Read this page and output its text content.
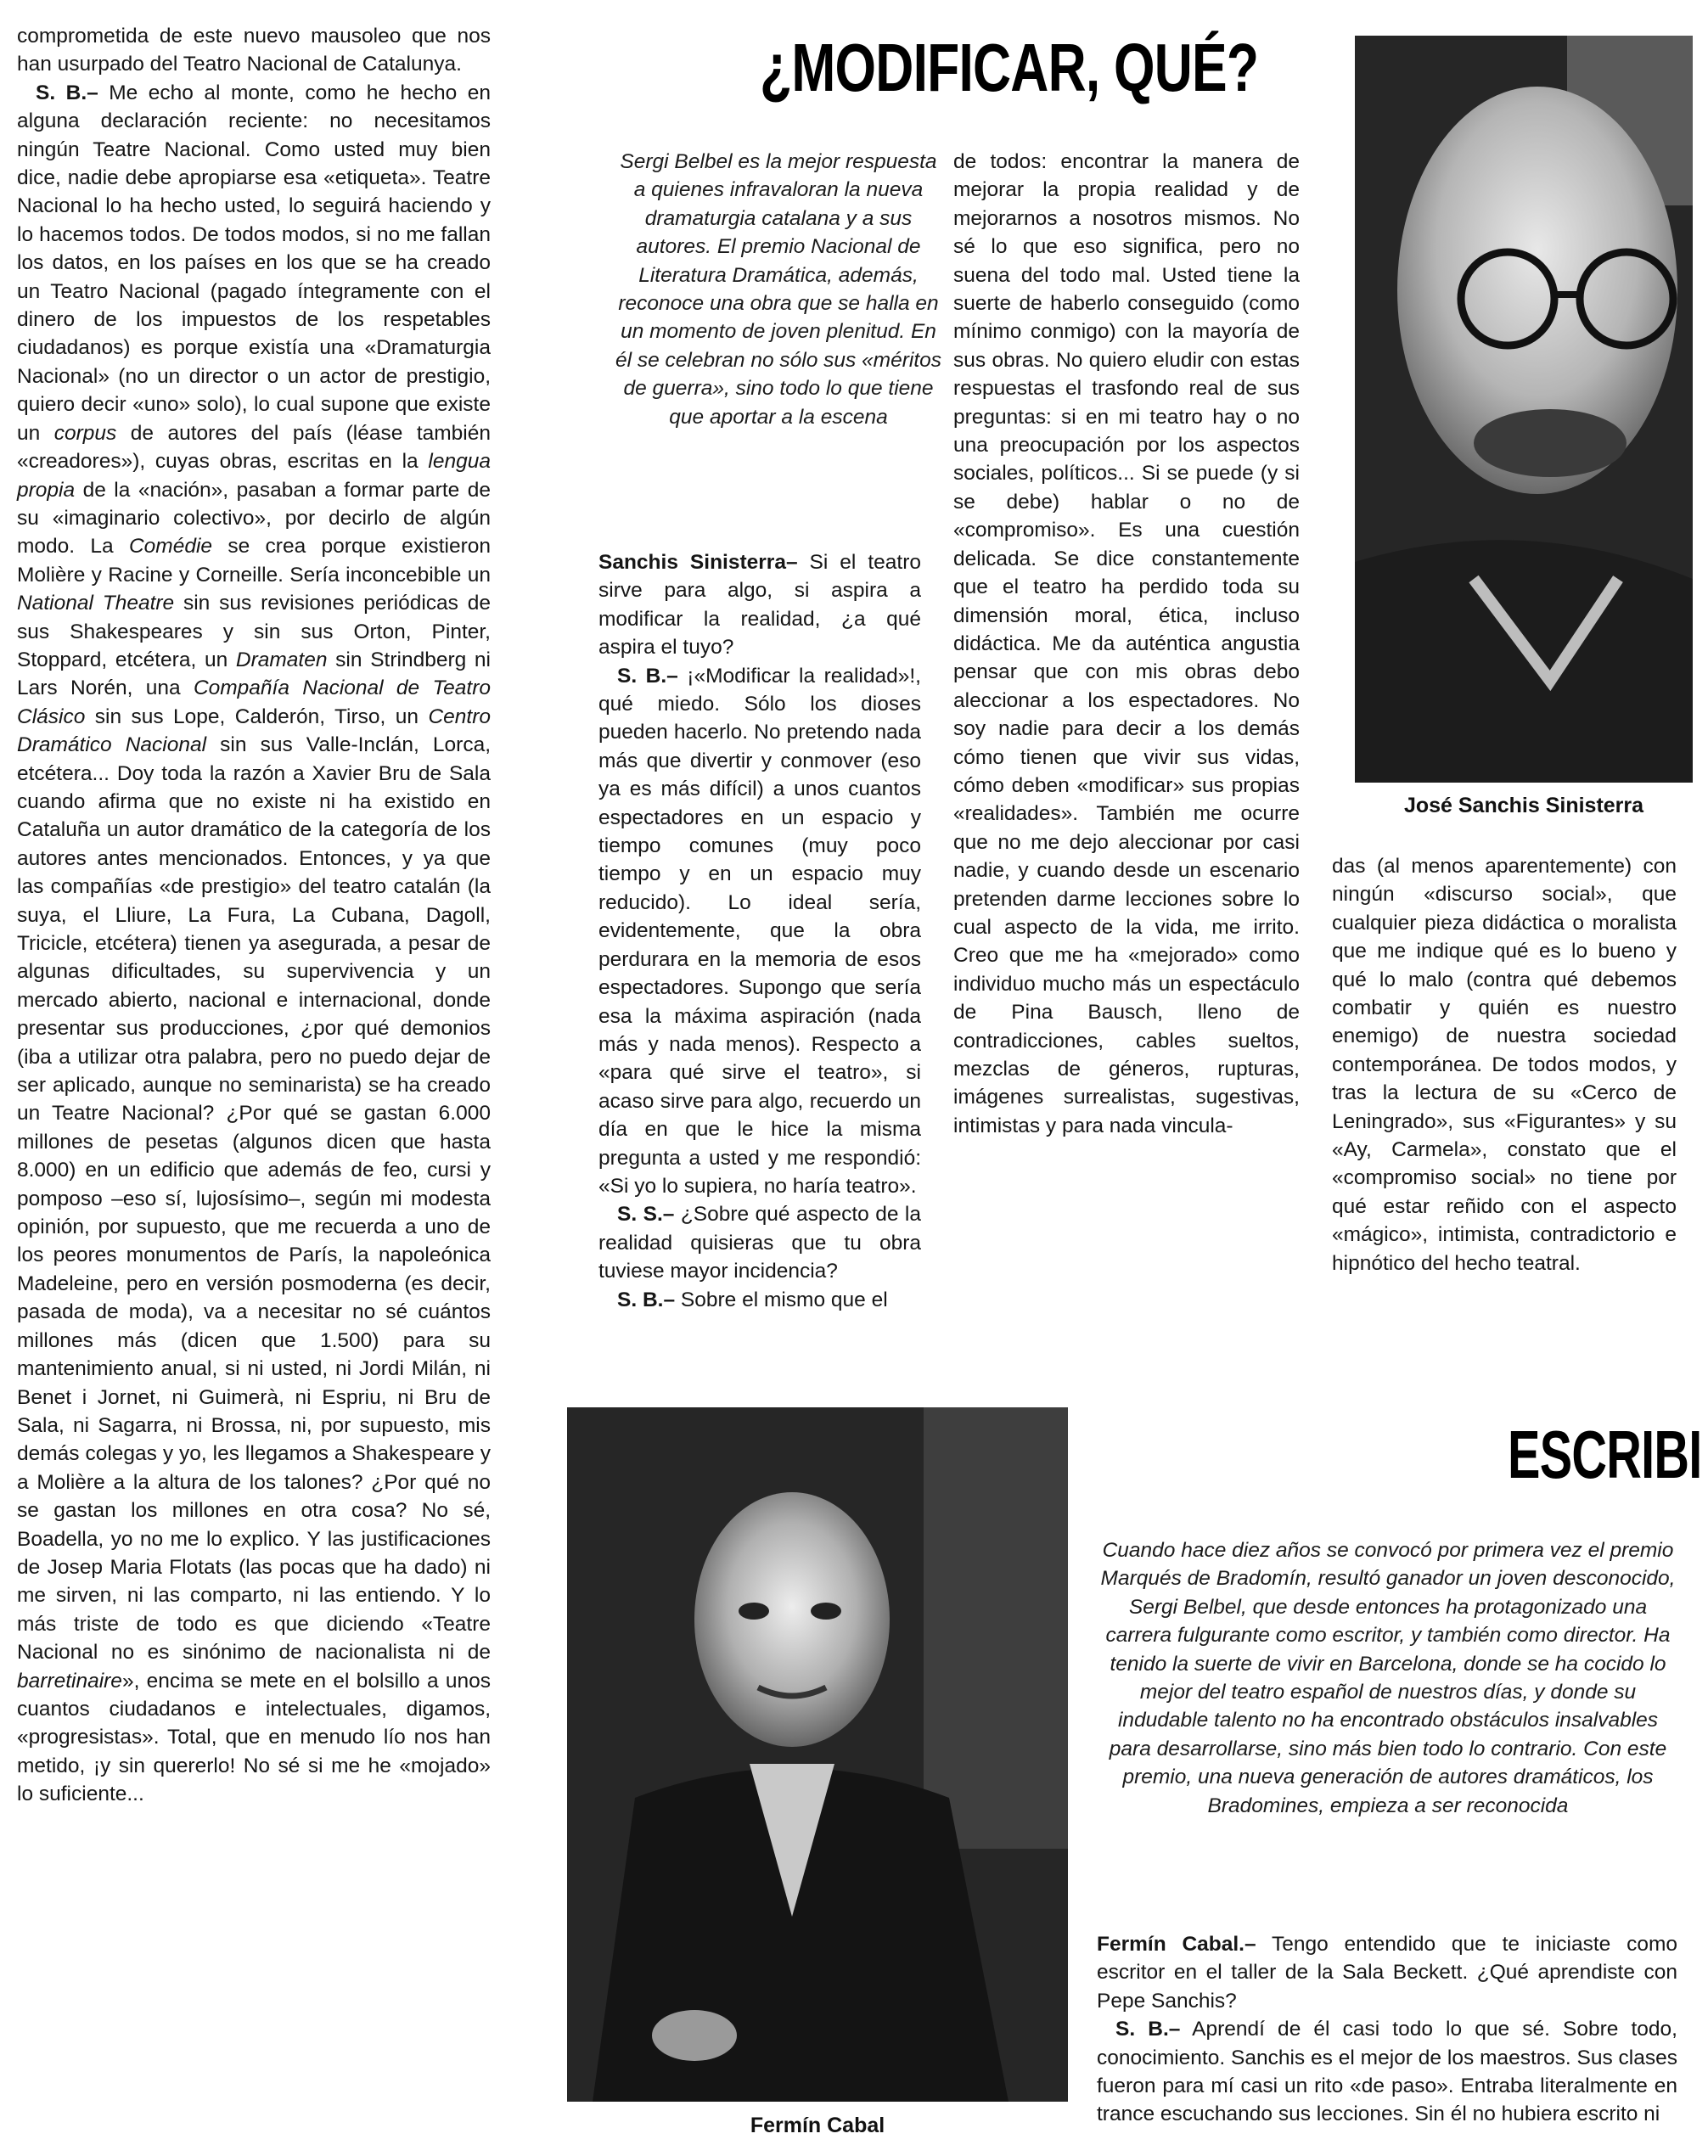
comprometida de este nuevo mausoleo que nos han usurpado del Teatro Nacional de Catalunya.

S. B.– Me echo al monte, como he hecho en alguna declaración reciente: no necesitamos ningún Teatre Nacional. Como usted muy bien dice, nadie debe apropiarse esa «etiqueta». Teatre Nacional lo ha hecho usted, lo seguirá haciendo y lo hacemos todos. De todos modos, si no me fallan los datos, en los países en los que se ha creado un Teatro Nacional (pagado íntegramente con el dinero de los impuestos de los respetables ciudadanos) es porque existía una «Dramaturgia Nacional» (no un director o un actor de prestigio, quiero decir «uno» solo), lo cual supone que existe un corpus de autores del país (léase también «creadores»), cuyas obras, escritas en la lengua propia de la «nación», pasaban a formar parte de su «imaginario colectivo», por decirlo de algún modo. La Comédie se crea porque existieron Molière y Racine y Corneille. Sería inconcebible un National Theatre sin sus revisiones periódicas de sus Shakespeares y sin sus Orton, Pinter, Stoppard, etcétera, un Dramaten sin Strindberg ni Lars Norén, una Compañía Nacional de Teatro Clásico sin sus Lope, Calderón, Tirso, un Centro Dramático Nacional sin sus Valle-Inclán, Lorca, etcétera... Doy toda la razón a Xavier Bru de Sala cuando afirma que no existe ni ha existido en Cataluña un autor dramático de la categoría de los autores antes mencionados. Entonces, y ya que las compañías «de prestigio» del teatro catalán (la suya, el Lliure, La Fura, La Cubana, Dagoll, Tricicle, etcétera) tienen ya asegurada, a pesar de algunas dificultades, su supervivencia y un mercado abierto, nacional e internacional, donde presentar sus producciones, ¿por qué demonios (iba a utilizar otra palabra, pero no puedo dejar de ser aplicado, aunque no seminarista) se ha creado un Teatre Nacional? ¿Por qué se gastan 6.000 millones de pesetas (algunos dicen que hasta 8.000) en un edificio que además de feo, cursi y pomposo –eso sí, lujosísimo–, según mi modesta opinión, por supuesto, que me recuerda a uno de los peores monumentos de París, la napoleónica Madeleine, pero en versión posmoderna (es decir, pasada de moda), va a necesitar no sé cuántos millones más (dicen que 1.500) para su mantenimiento anual, si ni usted, ni Jordi Milán, ni Benet i Jornet, ni Guimerà, ni Espriu, ni Bru de Sala, ni Sagarra, ni Brossa, ni, por supuesto, mis demás colegas y yo, les llegamos a Shakespeare y a Molière a la altura de los talones? ¿Por qué no se gastan los millones en otra cosa? No sé, Boadella, yo no me lo explico. Y las justificaciones de Josep Maria Flotats (las pocas que ha dado) ni me sirven, ni las comparto, ni las entiendo. Y lo más triste de todo es que diciendo «Teatre Nacional no es sinónimo de nacionalista ni de barretinaire», encima se mete en el bolsillo a unos cuantos ciudadanos e intelectuales, digamos, «progresistas». Total, que en menudo lío nos han metido, ¡y sin quererlo! No sé si me he «mojado» lo suficiente...

¿MODIFICAR, QUÉ?
Sergi Belbel es la mejor respuesta a quienes infravaloran la nueva dramaturgia catalana y a sus autores. El premio Nacional de Literatura Dramática, además, reconoce una obra que se halla en un momento de joven plenitud. En él se celebran no sólo sus «méritos de guerra», sino todo lo que tiene que aportar a la escena

Sanchis Sinisterra– Si el teatro sirve para algo, si aspira a modificar la realidad, ¿a qué aspira el tuyo?

S. B.– ¡«Modificar la realidad»!, qué miedo. Sólo los dioses pueden hacerlo. No pretendo nada más que divertir y conmover (eso ya es más difícil) a unos cuantos espectadores en un espacio y tiempo comunes (muy poco tiempo y en un espacio muy reducido). Lo ideal sería, evidentemente, que la obra perdurara en la memoria de esos espectadores. Supongo que sería esa la máxima aspiración (nada más y nada menos). Respecto a «para qué sirve el teatro», si acaso sirve para algo, recuerdo un día en que le hice la misma pregunta a usted y me respondió: «Si yo lo supiera, no haría teatro».

S. S.– ¿Sobre qué aspecto de la realidad quisieras que tu obra tuviese mayor incidencia?

S. B.– Sobre el mismo que el

de todos: encontrar la manera de mejorar la propia realidad y de mejorarnos a nosotros mismos. No sé lo que eso significa, pero no suena del todo mal. Usted tiene la suerte de haberlo conseguido (como mínimo conmigo) con la mayoría de sus obras. No quiero eludir con estas respuestas el trasfondo real de sus preguntas: si en mi teatro hay o no una preocupación por los aspectos sociales, políticos... Si se puede (y si se debe) hablar o no de «compromiso». Es una cuestión delicada. Se dice constantemente que el teatro ha perdido toda su dimensión moral, ética, incluso didáctica. Me da auténtica angustia pensar que con mis obras debo aleccionar a los espectadores. No soy nadie para decir a los demás cómo tienen que vivir sus vidas, cómo deben «modificar» sus propias «realidades». También me ocurre que no me dejo aleccionar por casi nadie, y cuando desde un escenario pretenden darme lecciones sobre lo cual aspecto de la vida, me irrito. Creo que me ha «mejorado» como individuo mucho más un espectáculo de Pina Bausch, lleno de contradicciones, cables sueltos, mezclas de géneros, rupturas, imágenes surrealistas, sugestivas, intimistas y para nada vincula-

José Sanchis Sinisterra

das (al menos aparentemente) con ningún «discurso social», que cualquier pieza didáctica o moralista que me indique qué es lo bueno y qué lo malo (contra qué debemos combatir y quién es nuestro enemigo) de nuestra sociedad contemporánea. De todos modos, y tras la lectura de su «Cerco de Leningrado», sus «Figurantes» y su «Ay, Carmela», constato que el «compromiso social» no tiene por qué estar reñido con el aspecto «mágico», intimista, contradictorio e hipnótico del hecho teatral.

Fermín Cabal
ESCRIBI
Cuando hace diez años se convocó por primera vez el premio Marqués de Bradomín, resultó ganador un joven desconocido, Sergi Belbel, que desde entonces ha protagonizado una carrera fulgurante como escritor, y también como director. Ha tenido la suerte de vivir en Barcelona, donde se ha cocido lo mejor del teatro español de nuestros días, y donde su indudable talento no ha encontrado obstáculos insalvables para desarrollarse, sino más bien todo lo contrario. Con este premio, una nueva generación de autores dramáticos, los Bradomines, empieza a ser reconocida

Fermín Cabal.– Tengo entendido que te iniciaste como escritor en el taller de la Sala Beckett. ¿Qué aprendiste con Pepe Sanchis?

S. B.– Aprendí de él casi todo lo que sé. Sobre todo, conocimiento. Sanchis es el mejor de los maestros. Sus clases fueron para mí casi un rito «de paso». Entraba literalmente en trance escuchando sus lecciones. Sin él no hubiera escrito ni
